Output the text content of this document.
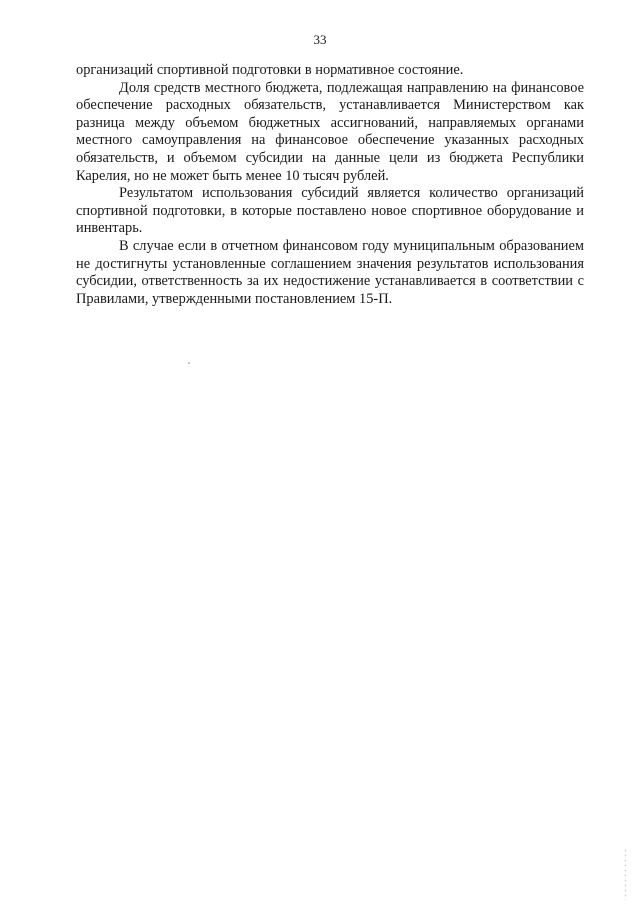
33

организаций спортивной подготовки в нормативное состояние.

Доля средств местного бюджета, подлежащая направлению на финансовое обеспечение расходных обязательств, устанавливается Министерством как разница между объемом бюджетных ассигнований, направляемых органами местного самоуправления на финансовое обеспечение указанных расходных обязательств, и объемом субсидии на данные цели из бюджета Республики Карелия, но не может быть менее 10 тысяч рублей.

Результатом использования субсидий является количество организаций спортивной подготовки, в которые поставлено новое спортивное оборудование и инвентарь.

В случае если в отчетном финансовом году муниципальным образованием не достигнуты установленные соглашением значения результатов использования субсидии, ответственность за их недостижение устанавливается в соответствии с Правилами, утвержденными постановлением 15-П.
